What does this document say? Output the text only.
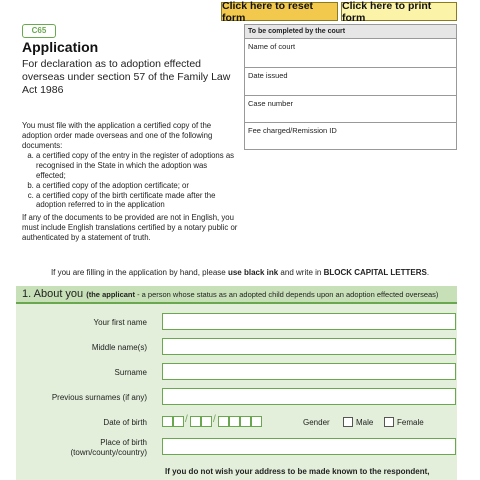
Click here to reset form
Click here to print form
C65
Application
For declaration as to adoption effected overseas under section 57 of the Family Law Act 1986
To be completed by the court
Name of court
Date issued
Case number
Fee charged/Remission ID

You must file with the application a certified copy of the adoption order made overseas and one of the following documents:

a. a certified copy of the entry in the register of adoptions as recognised in the State in which the adoption was effected;
b. a certified copy of the adoption certificate; or
c. a certified copy of the birth certificate made after the adoption referred to in the application

If any of the documents to be provided are not in English, you must include English translations certified by a notary public or authenticated by a statement of truth.

If you are filling in the application by hand, please use black ink and write in BLOCK CAPITAL LETTERS.
1. About you (the applicant - a person whose status as an adopted child depends upon an adoption effected overseas)
Your first name
Middle name(s)
Surname
Previous surnames (if any)
Date of birth	/	/	Gender	Male	Female
Place of birth
(town/county/country)
If you do not wish your address to be made known to the respondent,
